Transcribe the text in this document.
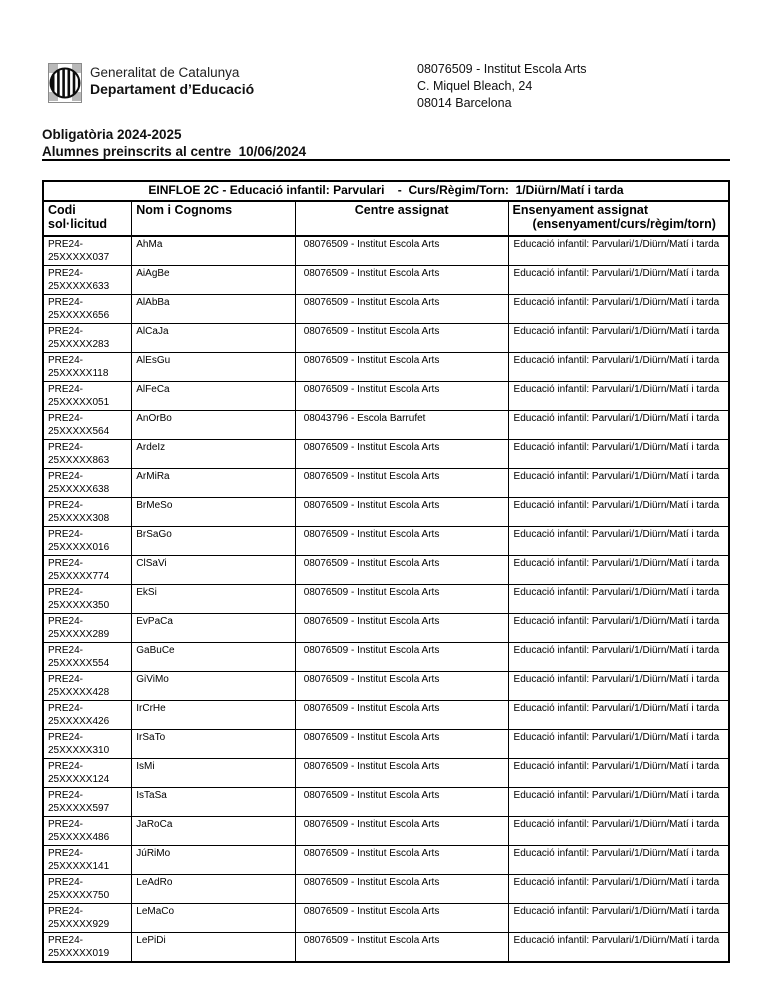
Generalitat de Catalunya
Departament d’Educació
08076509 - Institut Escola Arts
C. Miquel Bleach, 24
08014 Barcelona
Obligatòria 2024-2025
Alumnes preinscrits al centre  10/06/2024
EINFLOE 2C - Educació infantil: Parvulari    -  Curs/Règim/Torn:  1/Diürn/Matí i tarda			

Codi
sol·licitud
	Nom i Cognoms	Centre assignat	Ensenyament assignat
(ensenyament/curs/règim/torn)

PRE24-
25XXXXX037	AhMa	08076509 - Institut Escola Arts	Educació infantil: Parvulari/1/Diürn/Matí i tarda

PRE24-
25XXXXX633	AiAgBe	08076509 - Institut Escola Arts	Educació infantil: Parvulari/1/Diürn/Matí i tarda

PRE24-
25XXXXX656	AlAbBa	08076509 - Institut Escola Arts	Educació infantil: Parvulari/1/Diürn/Matí i tarda

PRE24-
25XXXXX283	AlCaJa	08076509 - Institut Escola Arts	Educació infantil: Parvulari/1/Diürn/Matí i tarda

PRE24-
25XXXXX118	AlEsGu	08076509 - Institut Escola Arts	Educació infantil: Parvulari/1/Diürn/Matí i tarda

PRE24-
25XXXXX051	AlFeCa	08076509 - Institut Escola Arts	Educació infantil: Parvulari/1/Diürn/Matí i tarda

PRE24-
25XXXXX564	AnOrBo	08043796 - Escola Barrufet	Educació infantil: Parvulari/1/Diürn/Matí i tarda

PRE24-
25XXXXX863	ArdeIz	08076509 - Institut Escola Arts	Educació infantil: Parvulari/1/Diürn/Matí i tarda

PRE24-
25XXXXX638	ArMiRa	08076509 - Institut Escola Arts	Educació infantil: Parvulari/1/Diürn/Matí i tarda

PRE24-
25XXXXX308	BrMeSo	08076509 - Institut Escola Arts	Educació infantil: Parvulari/1/Diürn/Matí i tarda

PRE24-
25XXXXX016	BrSaGo	08076509 - Institut Escola Arts	Educació infantil: Parvulari/1/Diürn/Matí i tarda

PRE24-
25XXXXX774	ClSaVi	08076509 - Institut Escola Arts	Educació infantil: Parvulari/1/Diürn/Matí i tarda

PRE24-
25XXXXX350	EkSi	08076509 - Institut Escola Arts	Educació infantil: Parvulari/1/Diürn/Matí i tarda

PRE24-
25XXXXX289	EvPaCa	08076509 - Institut Escola Arts	Educació infantil: Parvulari/1/Diürn/Matí i tarda

PRE24-
25XXXXX554	GaBuCe	08076509 - Institut Escola Arts	Educació infantil: Parvulari/1/Diürn/Matí i tarda

PRE24-
25XXXXX428	GiViMo	08076509 - Institut Escola Arts	Educació infantil: Parvulari/1/Diürn/Matí i tarda

PRE24-
25XXXXX426	IrCrHe	08076509 - Institut Escola Arts	Educació infantil: Parvulari/1/Diürn/Matí i tarda

PRE24-
25XXXXX310	IrSaTo	08076509 - Institut Escola Arts	Educació infantil: Parvulari/1/Diürn/Matí i tarda

PRE24-
25XXXXX124	IsMi	08076509 - Institut Escola Arts	Educació infantil: Parvulari/1/Diürn/Matí i tarda

PRE24-
25XXXXX597	IsTaSa	08076509 - Institut Escola Arts	Educació infantil: Parvulari/1/Diürn/Matí i tarda

PRE24-
25XXXXX486	JaRoCa	08076509 - Institut Escola Arts	Educació infantil: Parvulari/1/Diürn/Matí i tarda

PRE24-
25XXXXX141	JúRiMo	08076509 - Institut Escola Arts	Educació infantil: Parvulari/1/Diürn/Matí i tarda

PRE24-
25XXXXX750	LeAdRo	08076509 - Institut Escola Arts	Educació infantil: Parvulari/1/Diürn/Matí i tarda

PRE24-
25XXXXX929	LeMaCo	08076509 - Institut Escola Arts	Educació infantil: Parvulari/1/Diürn/Matí i tarda

PRE24-
25XXXXX019	LePiDi	08076509 - Institut Escola Arts	Educació infantil: Parvulari/1/Diürn/Matí i tarda
